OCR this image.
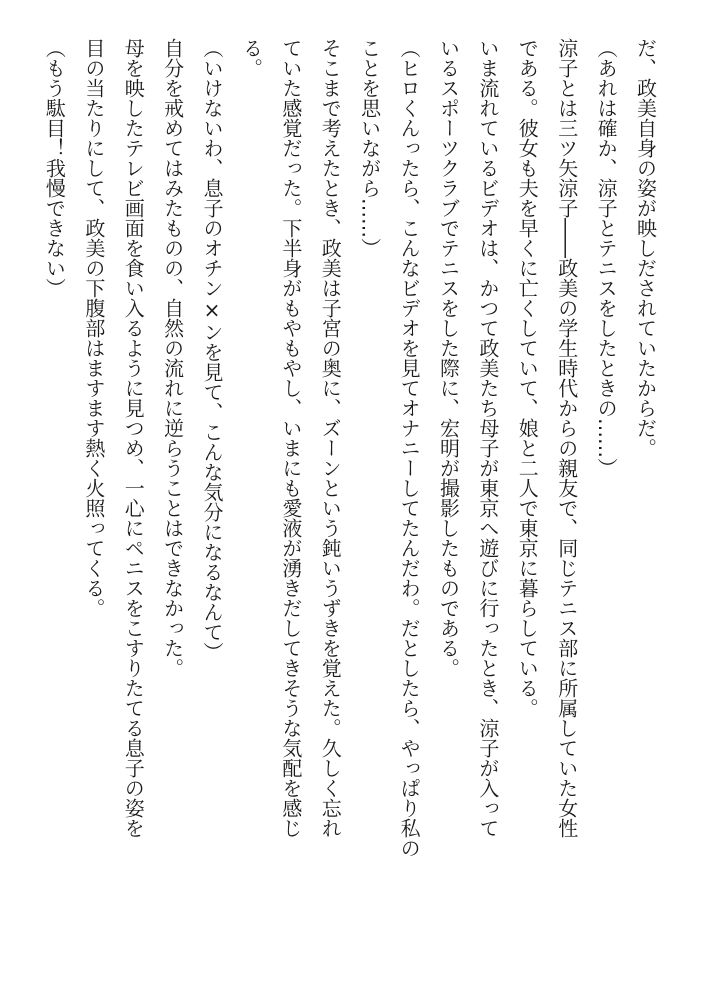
だ、政美自身の姿が映しだされていたからだ。
（あれは確か、涼子とテニスをしたときの……）
涼子とは三ツ矢涼子――政美の学生時代からの親友で、同じテニス部に所属していた女性
である。彼女も夫を早くに亡くしていて、娘と二人で東京に暮らしている。
いま流れているビデオは、かつて政美たち母子が東京へ遊びに行ったとき、涼子が入って
いるスポーツクラブでテニスをした際に、宏明が撮影したものである。
（ヒロくんったら、こんなビデオを見てオナニーしてたんだわ。だとしたら、やっぱり私の
ことを思いながら……）
そこまで考えたとき、政美は子宮の奥に、ズーンという鈍いうずきを覚えた。久しく忘れ
ていた感覚だった。下半身がもやもやし、いまにも愛液が湧きだしてきそうな気配を感じ
る。
（いけないわ、息子のオチン×ンを見て、こんな気分になるなんて）
自分を戒めてはみたものの、自然の流れに逆らうことはできなかった。
母を映したテレビ画面を食い入るように見つめ、一心にペニスをこすりたてる息子の姿を
目の当たりにして、政美の下腹部はますます熱く火照ってくる。
（もう駄目！我慢できない）
